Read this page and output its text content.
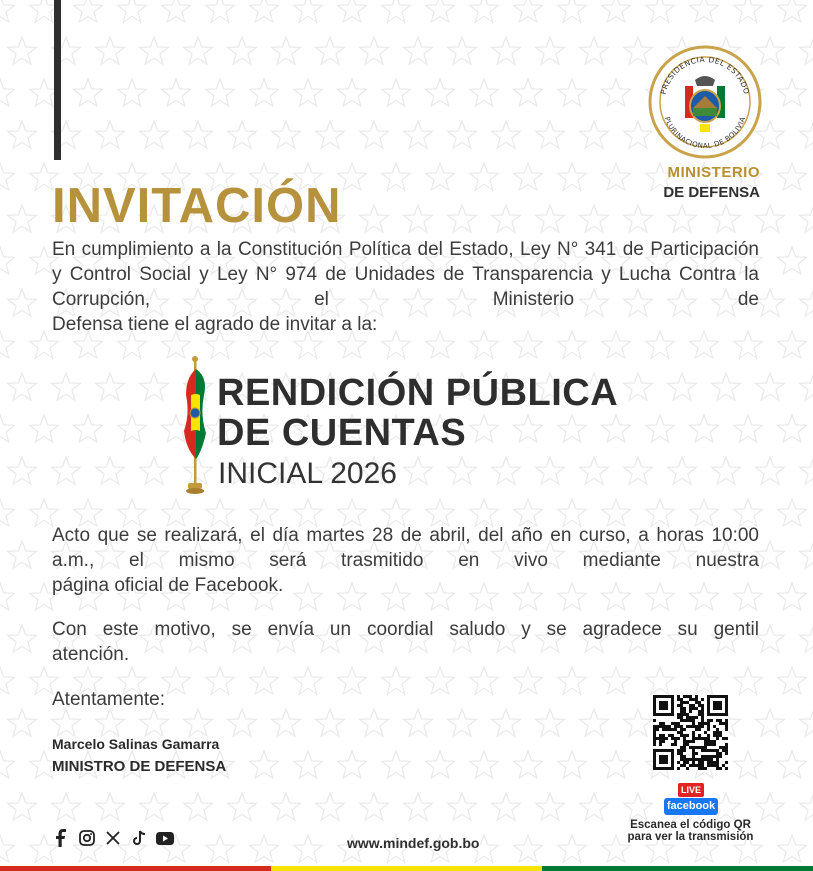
PRESIDENCIA DEL ESTADO
PLURINACIONAL DE BOLIVIA
MINISTERIO
DE DEFENSA
INVITACIÓN
En cumplimiento a la Constitución Política del Estado, Ley N° 341 de Participación y Control Social y Ley N° 974 de Unidades de Transparencia y Lucha Contra la Corrupción, el Ministerio de
Defensa tiene el agrado de invitar a la:
RENDICIÓN PÚBLICA
DE CUENTAS
INICIAL 2026
Acto que se realizará, el día martes 28 de abril, del año en curso, a horas 10:00 a.m., el mismo será trasmitido en vivo mediante nuestra
página oficial de Facebook.
Con este motivo, se envía un coordial saludo y se agradece su gentil
atención.
Atentamente:
Marcelo Salinas Gamarra
MINISTRO DE DEFENSA
LIVE
facebook
Escanea el código QR
para ver la transmisión
www.mindef.gob.bo
